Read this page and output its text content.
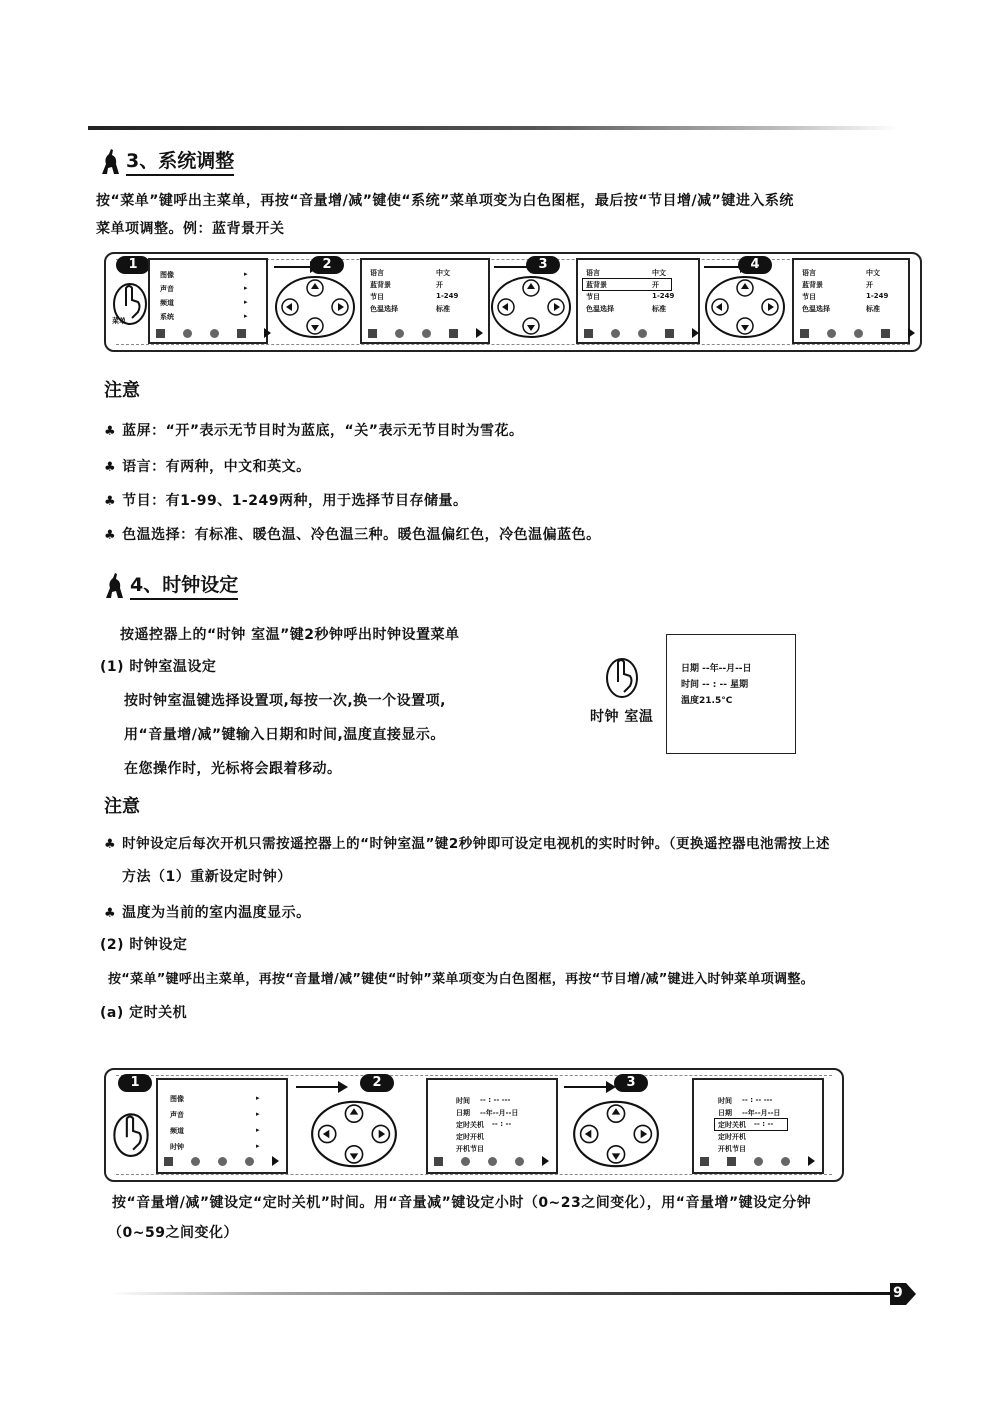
3、系统调整
按“菜单”键呼出主菜单，再按“音量增/减”键使“系统”菜单项变为白色图框，最后按“节目增/减”键进入系统
菜单项调整。例：蓝背景开关
菜单
1
图像	▸
声音	▸
频道	▸
系统	▸
2
语言	中文
蓝背景	开
节目	1-249
色温选择	标准
3
语言	中文
蓝背景	开
节目	1-249
色温选择	标准
4
语言	中文
蓝背景	开
节目	1-249
色温选择	标准
注意
♣ 蓝屏：“开”表示无节目时为蓝底，“关”表示无节目时为雪花。
♣ 语言：有两种，中文和英文。
♣ 节目：有1-99、1-249两种，用于选择节目存储量。
♣ 色温选择：有标准、暖色温、冷色温三种。暖色温偏红色，冷色温偏蓝色。
4、时钟设定
按遥控器上的“时钟 室温”键2秒钟呼出时钟设置菜单
(1) 时钟室温设定
按时钟室温键选择设置项,每按一次,换一个设置项,
用“音量增/减”键输入日期和时间,温度直接显示。
在您操作时，光标将会跟着移动。
时钟 室温
日期 --年--月--日
时间 -- : -- 星期
温度21.5°C
注意
♣ 时钟设定后每次开机只需按遥控器上的“时钟室温”键2秒钟即可设定电视机的实时时钟。（更换遥控器电池需按上述
方法（1）重新设定时钟）
♣ 温度为当前的室内温度显示。
(2) 时钟设定
按“菜单”键呼出主菜单，再按“音量增/减”键使“时钟”菜单项变为白色图框，再按“节目增/减”键进入时钟菜单项调整。
(a) 定时关机
1
图像	▸
声音	▸
频道	▸
时钟	▸
2
时间 -- : -- ---
日期 --年--月--日
定时关机 -- : --
定时开机
开机节目
3
时间 -- : -- ---
日期 --年--月--日
定时关机 -- : --
定时开机
开机节目
按“音量增/减”键设定“定时关机”时间。用“音量减”键设定小时（0~23之间变化），用“音量增”键设定分钟
（0~59之间变化）
9
